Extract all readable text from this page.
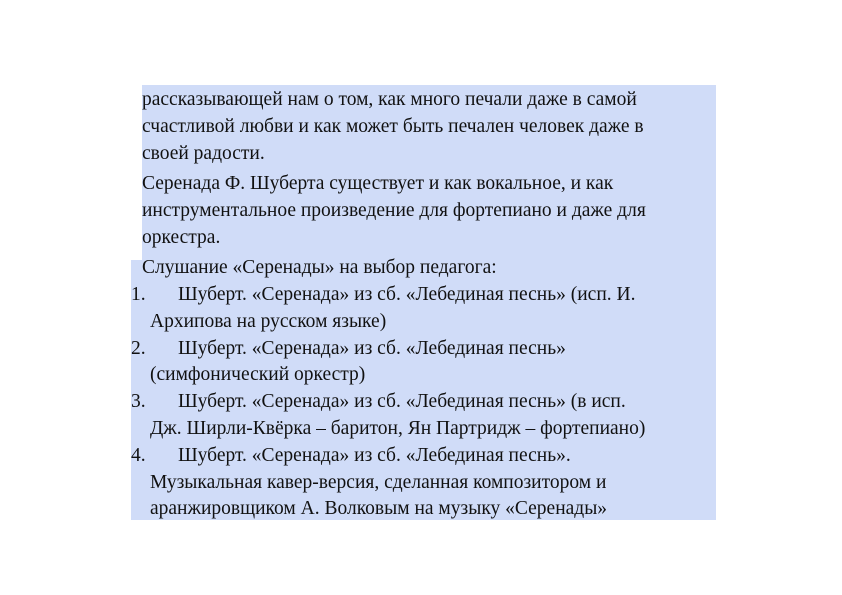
рассказывающей нам о том, как много печали даже в самой
счастливой любви и как может быть печален человек даже в
своей радости.

Серенада Ф. Шуберта существует и как вокальное, и как
инструментальное произведение для фортепиано и даже для
оркестра.

Слушание «Серенады» на выбор педагога:

1.	Шуберт. «Серенада» из сб. «Лебединая песнь» (исп. И.
Архипова на русском языке)
2.	Шуберт. «Серенада» из сб. «Лебединая песнь»
(симфонический оркестр)
3.	Шуберт. «Серенада» из сб. «Лебединая песнь» (в исп.
Дж. Ширли-Квёрка – баритон, Ян Партридж – фортепиано)
4.	Шуберт. «Серенада» из сб. «Лебединая песнь».
Музыкальная кавер-версия, сделанная композитором и
аранжировщиком А. Волковым на музыку «Серенады»
